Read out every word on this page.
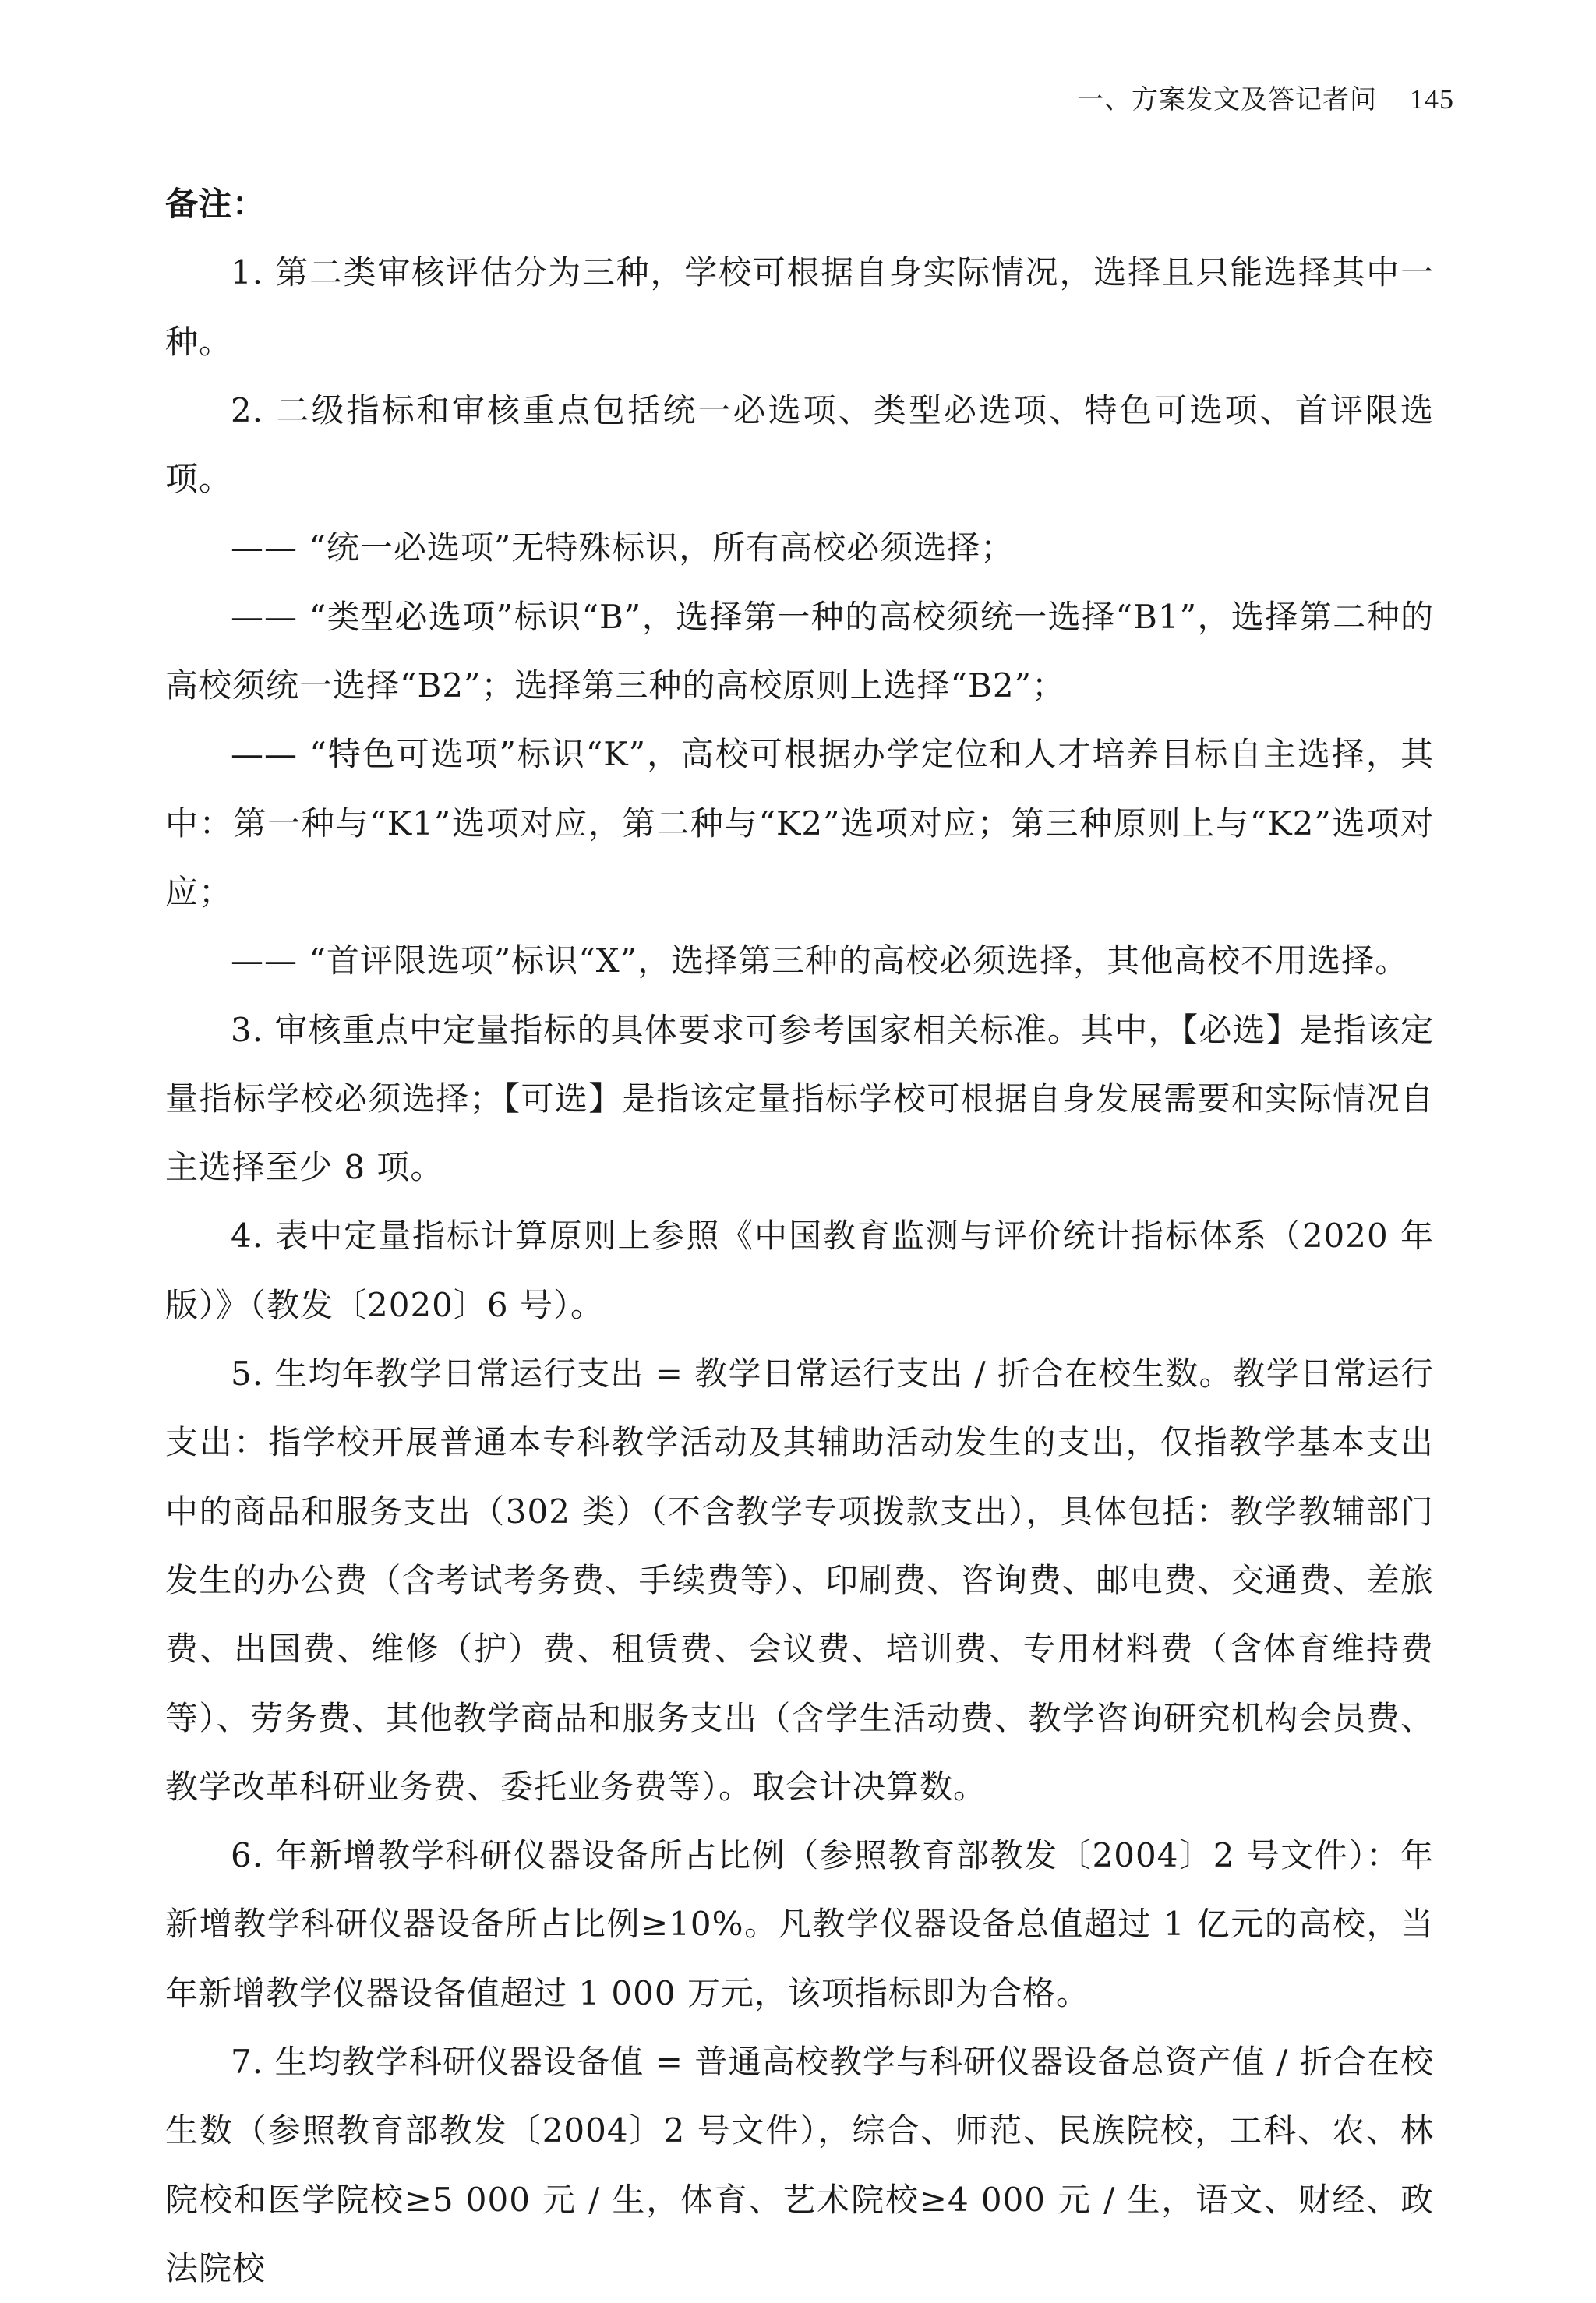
一、方案发文及答记者问 145

备注：

1. 第二类审核评估分为三种，学校可根据自身实际情况，选择且只能选择其中一种。

2. 二级指标和审核重点包括统一必选项、类型必选项、特色可选项、首评限选项。

—— “统一必选项”无特殊标识，所有高校必须选择；

—— “类型必选项”标识“B”，选择第一种的高校须统一选择“B1”，选择第二种的高校须统一选择“B2”；选择第三种的高校原则上选择“B2”；

—— “特色可选项”标识“K”，高校可根据办学定位和人才培养目标自主选择，其中：第一种与“K1”选项对应，第二种与“K2”选项对应；第三种原则上与“K2”选项对应；

—— “首评限选项”标识“X”，选择第三种的高校必须选择，其他高校不用选择。

3. 审核重点中定量指标的具体要求可参考国家相关标准。其中，【必选】是指该定量指标学校必须选择；【可选】是指该定量指标学校可根据自身发展需要和实际情况自主选择至少 8 项。

4. 表中定量指标计算原则上参照《中国教育监测与评价统计指标体系（2020 年版）》（教发〔2020〕6 号）。

5. 生均年教学日常运行支出 = 教学日常运行支出 / 折合在校生数。教学日常运行支出：指学校开展普通本专科教学活动及其辅助活动发生的支出，仅指教学基本支出中的商品和服务支出（302 类）（不含教学专项拨款支出），具体包括：教学教辅部门发生的办公费（含考试考务费、手续费等）、印刷费、咨询费、邮电费、交通费、差旅费、出国费、维修（护）费、租赁费、会议费、培训费、专用材料费（含体育维持费等）、劳务费、其他教学商品和服务支出（含学生活动费、教学咨询研究机构会员费、教学改革科研业务费、委托业务费等）。取会计决算数。

6. 年新增教学科研仪器设备所占比例（参照教育部教发〔2004〕2 号文件）：年新增教学科研仪器设备所占比例≥10%。凡教学仪器设备总值超过 1 亿元的高校，当年新增教学仪器设备值超过 1 000 万元，该项指标即为合格。

7. 生均教学科研仪器设备值 = 普通高校教学与科研仪器设备总资产值 / 折合在校生数（参照教育部教发〔2004〕2 号文件），综合、师范、民族院校，工科、农、林院校和医学院校≥5 000 元 / 生，体育、艺术院校≥4 000 元 / 生，语文、财经、政法院校
